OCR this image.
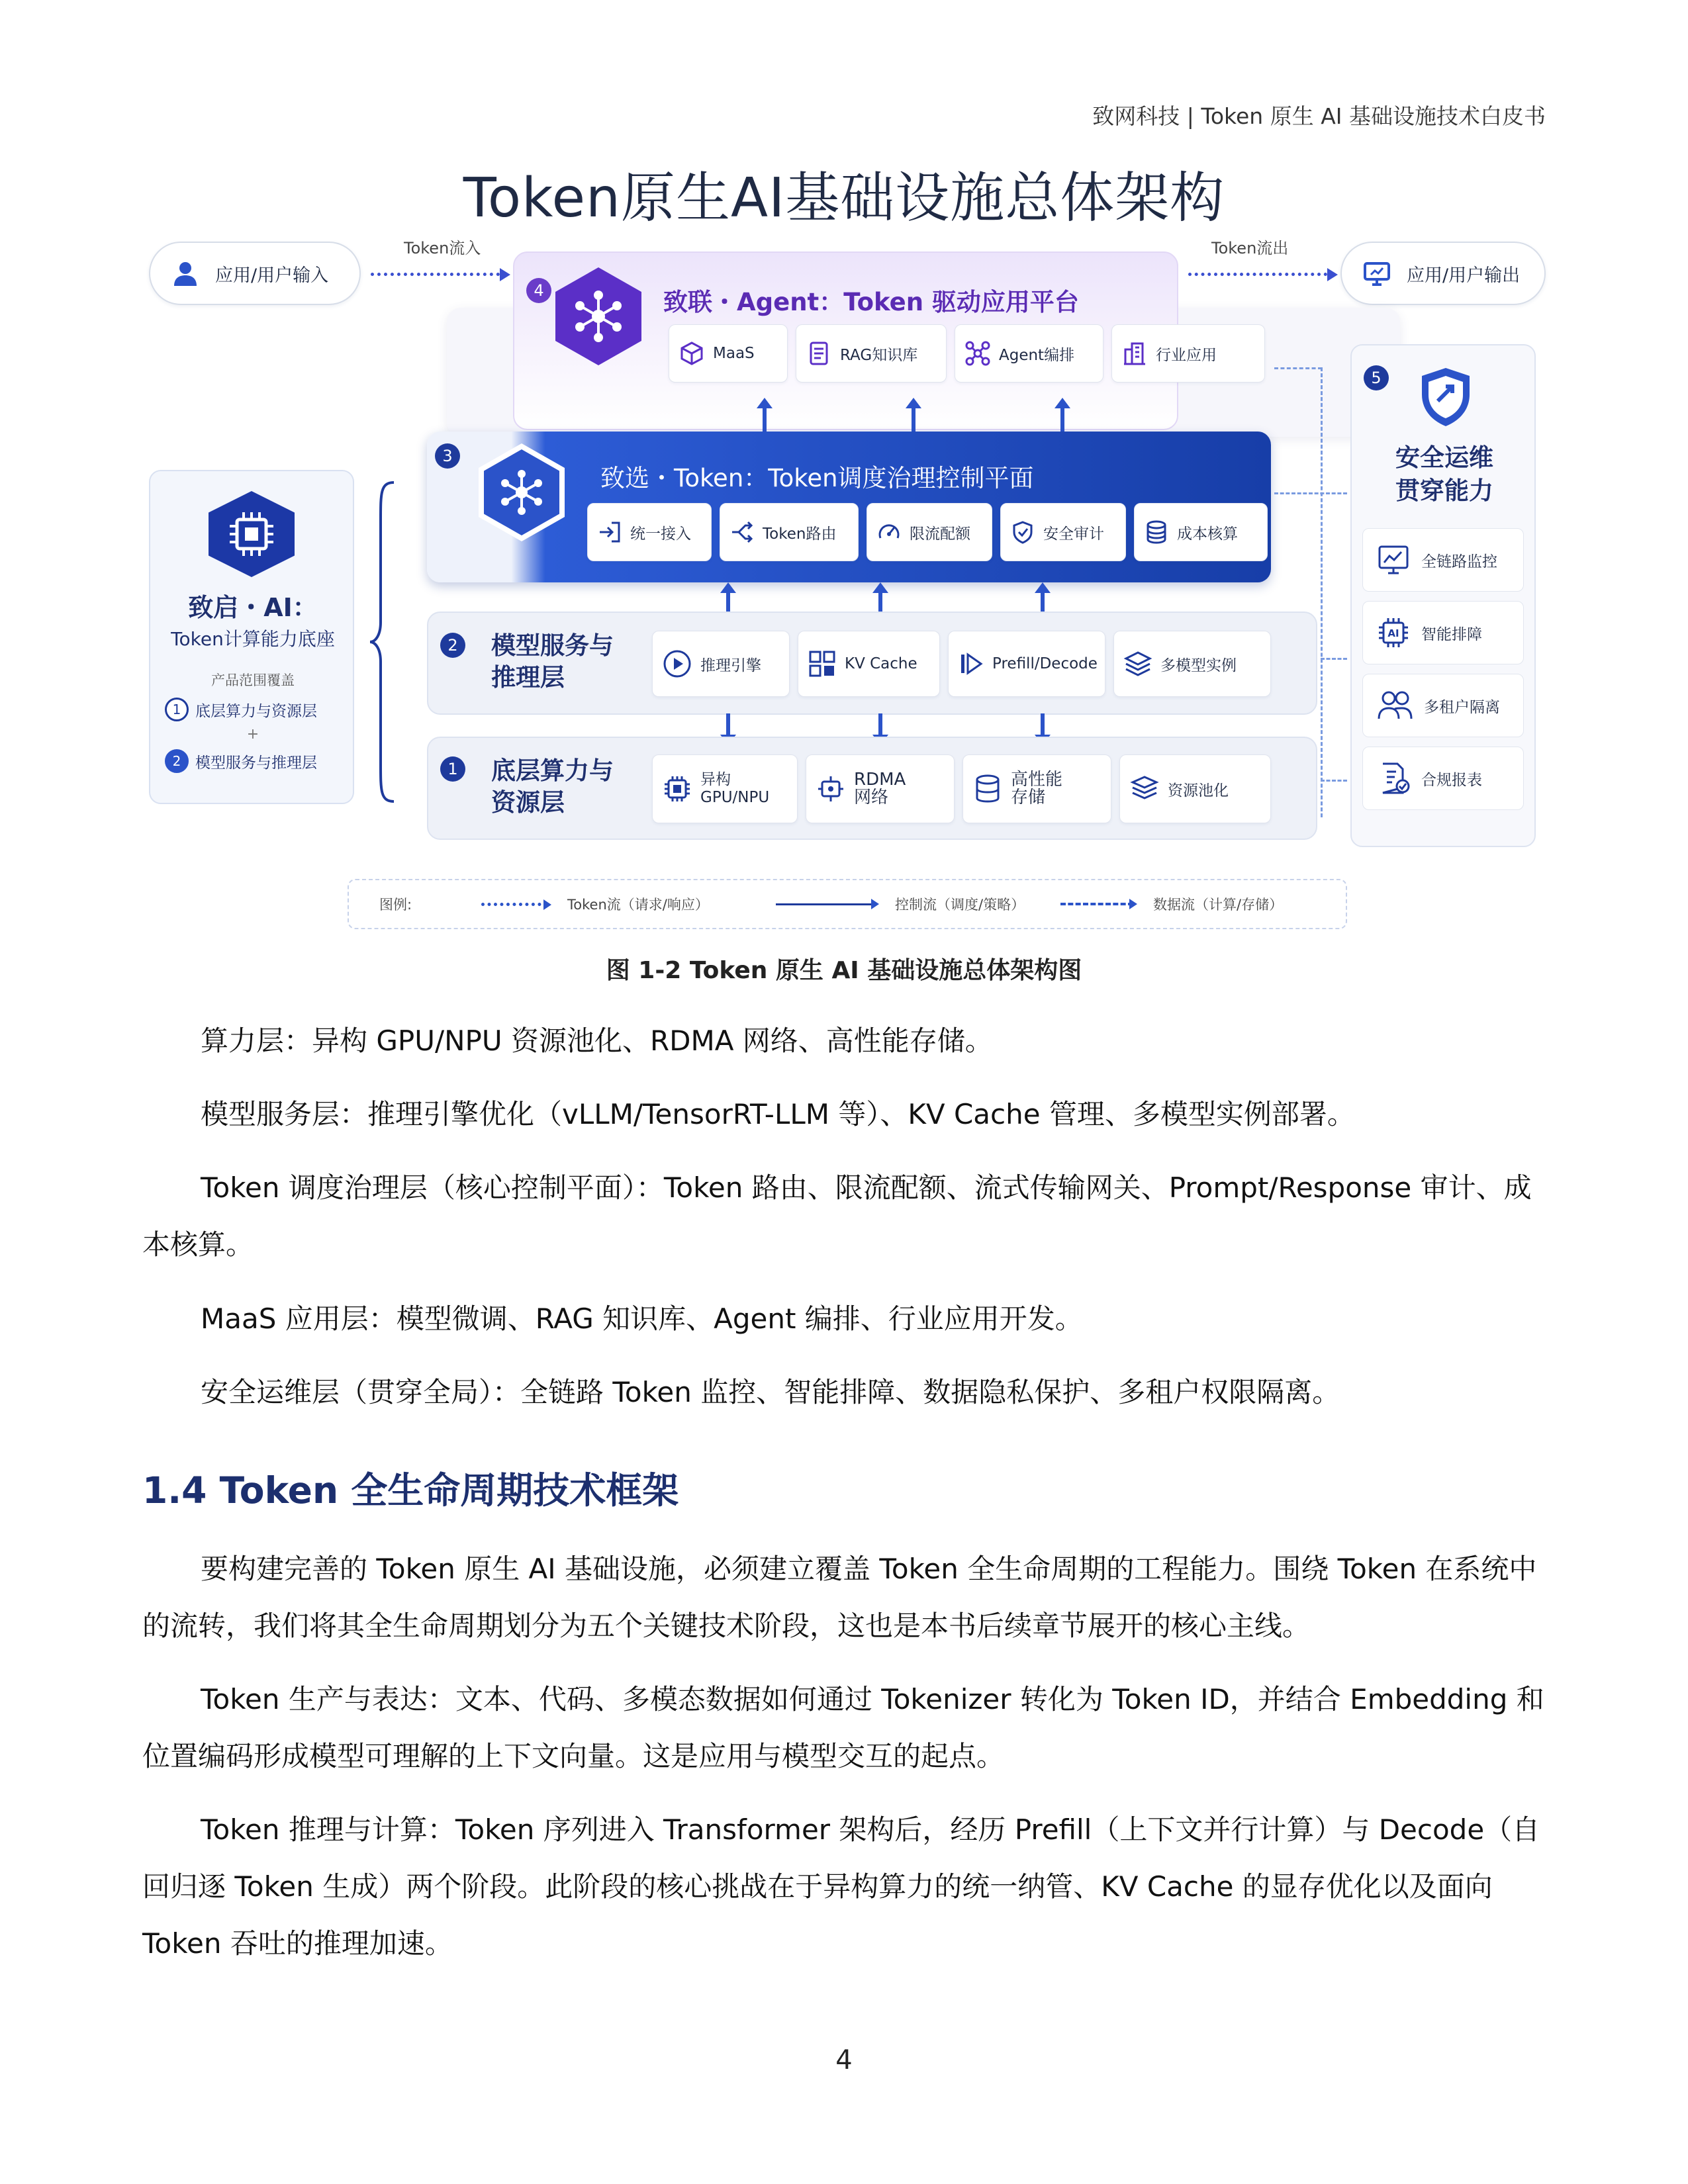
致网科技 | Token 原生 AI 基础设施技术白皮书
Token原生AI基础设施总体架构
应用/用户输入
Token流入
应用/用户输出
Token流出
4	致联・Agent：Token 驱动应用平台
MaaS	RAG知识库	Agent编排	行业应用
3
致选・Token：Token调度治理控制平面
统一接入	Token路由	限流配额	安全审计	成本核算
2	模型服务与
推理层	推理引擎	KV Cache	Prefill/Decode	多模型实例
1	底层算力与
资源层
异构
GPU/NPU
RDMA
网络
高性能
存储	资源池化
致启・AI：
Token计算能力底座
产品范围覆盖
1 底层算力与资源层
+
2 模型服务与推理层
5
安全运维
贯穿能力
全链路监控
AI 智能排障
多租户隔离
合规报表
图例:	Token流（请求/响应）	控制流（调度/策略）	数据流（计算/存储）
图 1-2 Token 原生 AI 基础设施总体架构图
算力层：异构 GPU/NPU 资源池化、RDMA 网络、高性能存储。
模型服务层：推理引擎优化（vLLM/TensorRT-LLM 等）、KV Cache 管理、多模型实例部署。
Token 调度治理层（核心控制平面）：Token 路由、限流配额、流式传输网关、Prompt/Response 审计、成本核算。
MaaS 应用层：模型微调、RAG 知识库、Agent 编排、行业应用开发。
安全运维层（贯穿全局）：全链路 Token 监控、智能排障、数据隐私保护、多租户权限隔离。
1.4 Token 全生命周期技术框架
要构建完善的 Token 原生 AI 基础设施，必须建立覆盖 Token 全生命周期的工程能力。围绕 Token 在系统中的流转，我们将其全生命周期划分为五个关键技术阶段，这也是本书后续章节展开的核心主线。
Token 生产与表达：文本、代码、多模态数据如何通过 Tokenizer 转化为 Token ID，并结合 Embedding 和位置编码形成模型可理解的上下文向量。这是应用与模型交互的起点。
Token 推理与计算：Token 序列进入 Transformer 架构后，经历 Prefill（上下文并行计算）与 Decode（自回归逐 Token 生成）两个阶段。此阶段的核心挑战在于异构算力的统一纳管、KV Cache 的显存优化以及面向 Token 吞吐的推理加速。
4
